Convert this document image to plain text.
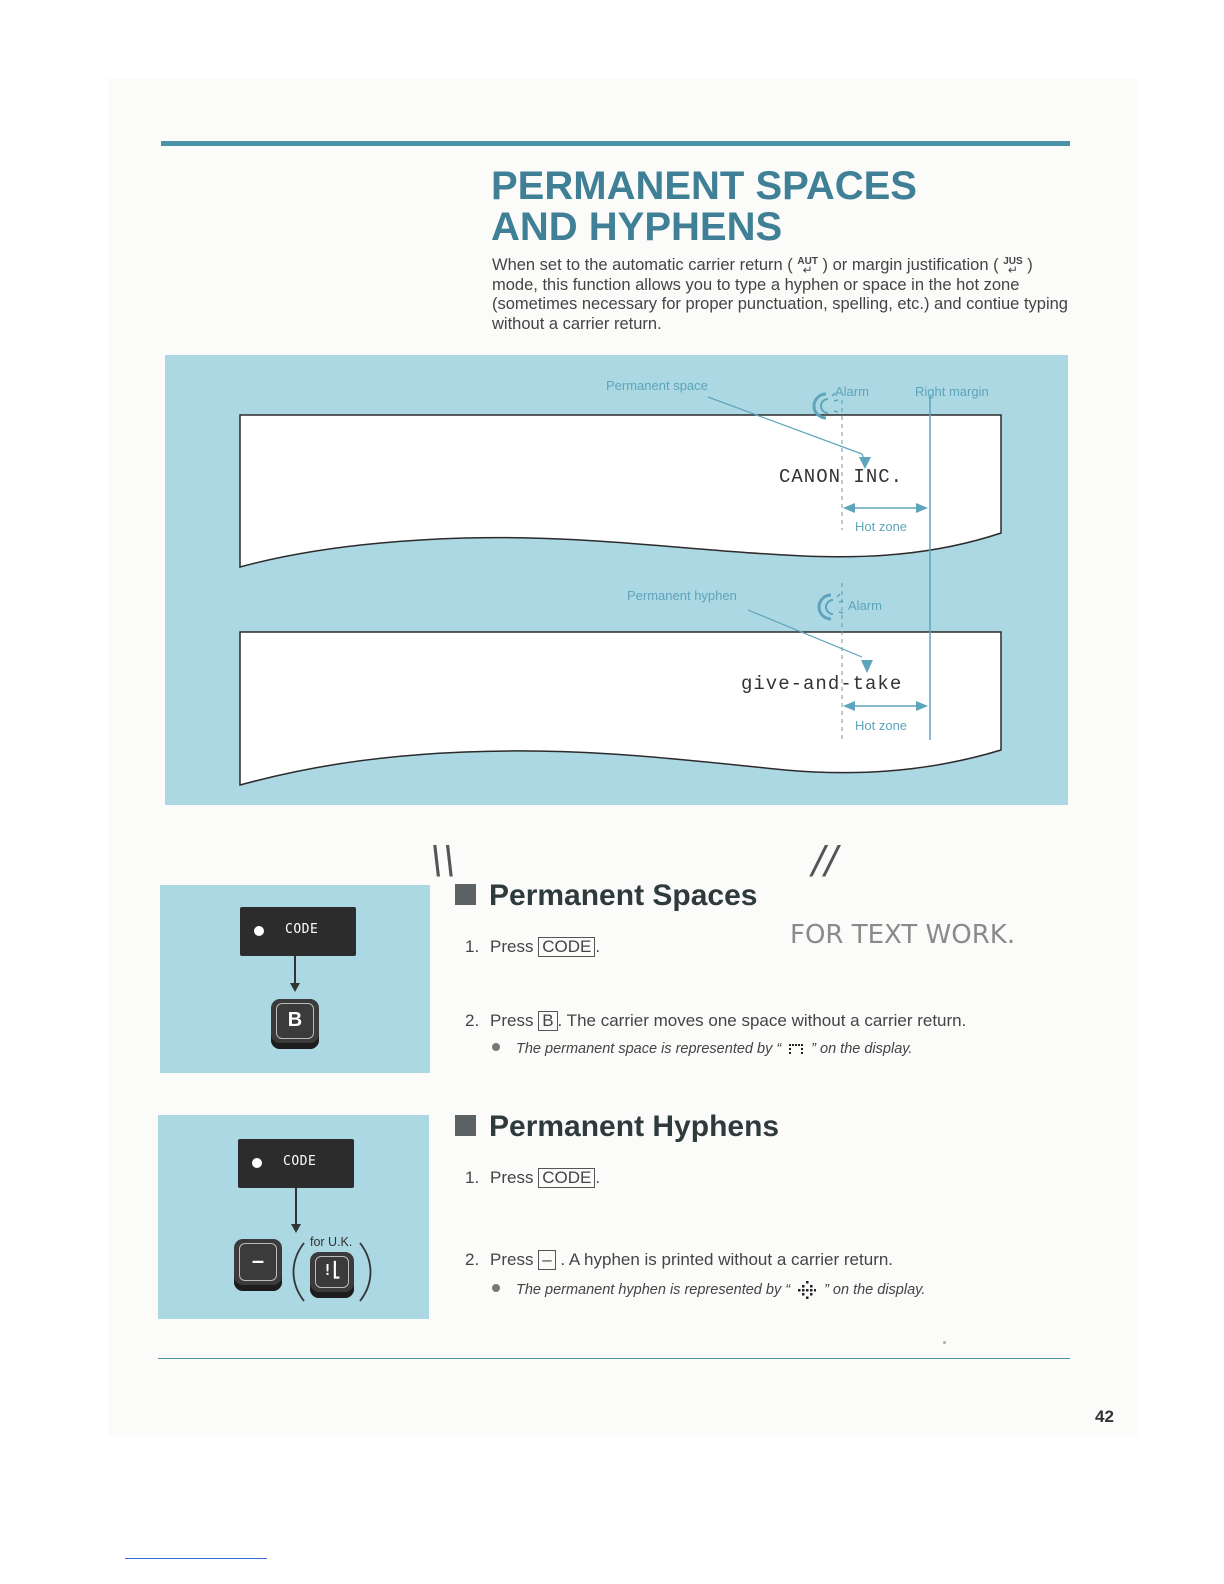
PERMANENT SPACES
AND HYPHENS

When set to the automatic carrier return ( AUT
↵ ) or margin justification ( JUS
↵ ) mode, this function allows you to type a hyphen or space in the hot zone (sometimes necessary for proper punctuation, spelling, etc.) and contiue typing without a carrier return.

Permanent space	Alarm	Right margin
CANON INC.
Hot zone
Permanent hyphen
Alarm
give-and-take
Hot zone
\\	//
FOR TEXT WORK.
CODE
B
Permanent Spaces
1. Press CODE .
2. Press B . The carrier moves one space without a carrier return.
The permanent space is represented by “ ” on the display.
CODE
–
for U.K.
!⎣
Permanent Hyphens
1. Press CODE .
2. Press – . A hyphen is printed without a carrier return.
The permanent hyphen is represented by “ ” on the display.
42
